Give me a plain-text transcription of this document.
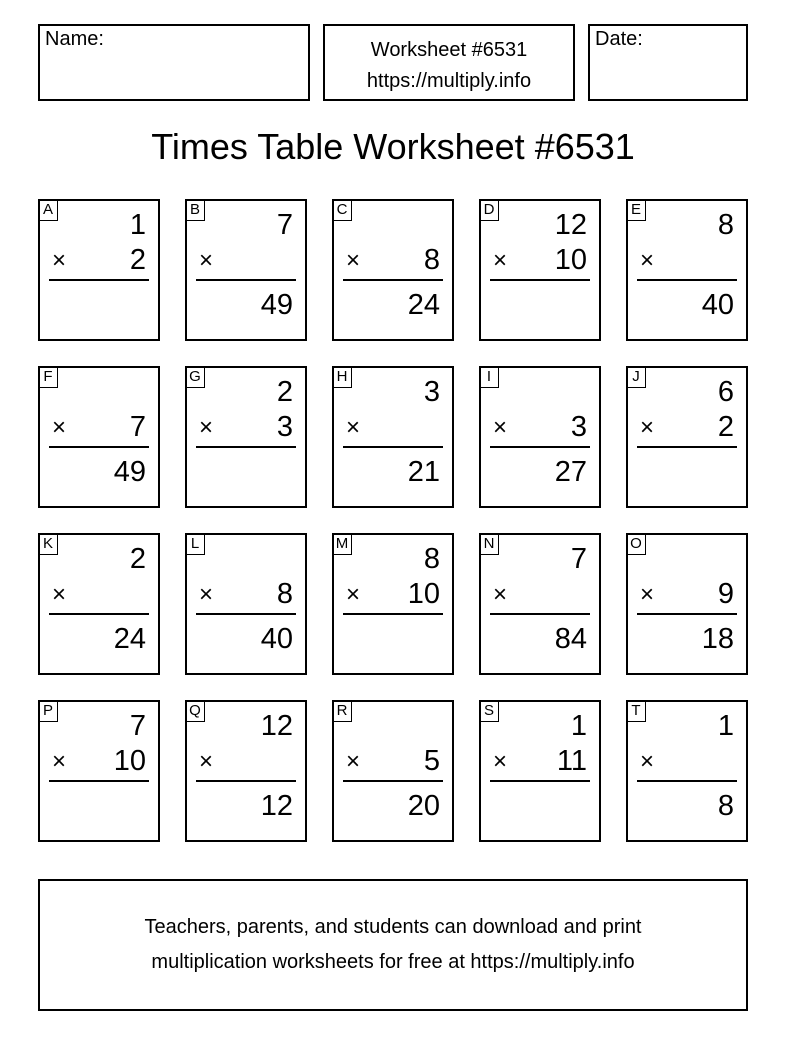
Name:	Worksheet #6531
https://multiply.info
Date:
Times Table Worksheet #6531
A	1
× 2
B	7
×
49
C
× 8
24
D 12
× 10
E	8
×
40
F
× 7
49
G	2
× 3
H	3
×
21
I
× 3
27
J	6
× 2
K	2
×
24
L
× 8
40
M	8
× 10
N	7
×
84
O
× 9
18
P	7
× 10
Q 12
×
12
R
× 5
20
S	1
× 11
T	1
×
8

Teachers, parents, and students can download and print

multiplication worksheets for free at https://multiply.info
